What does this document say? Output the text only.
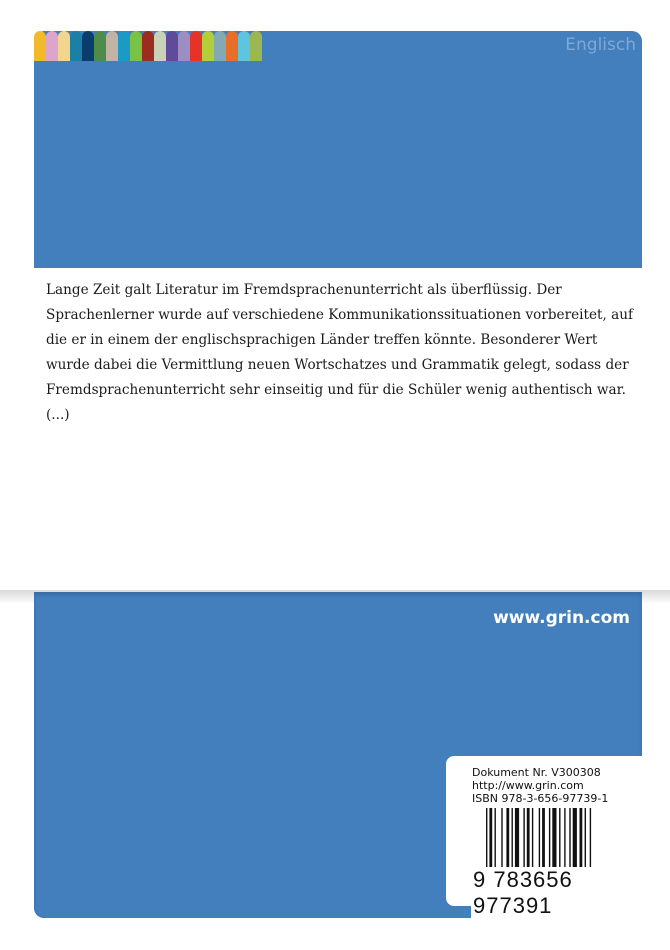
Englisch
Lange Zeit galt Literatur im Fremdsprachenunterricht als überflüssig. Der Sprachenlerner wurde auf verschiedene Kommunikationssituationen vorbereitet, auf die er in einem der englischsprachigen Länder treffen könnte. Besonderer Wert wurde dabei die Vermittlung neuen Wortschatzes und Grammatik gelegt, sodass der Fremdsprachenunterricht sehr einseitig und für die Schüler wenig authentisch war. (...)
www.grin.com
Dokument Nr. V300308
http://www.grin.com
ISBN 978-3-656-97739-1
9 783656 977391
